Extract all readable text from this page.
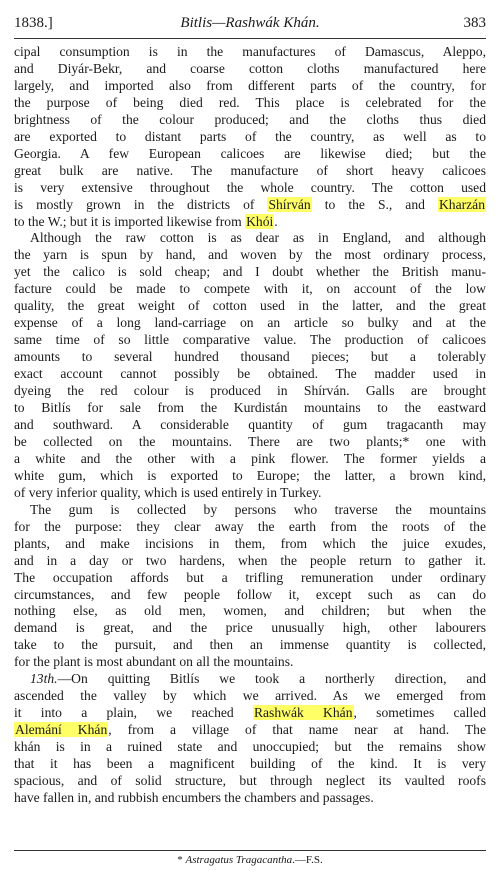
1838.]	Bitlis—Rashwák Khán.	383
cipal consumption is in the manufactures of Damascus, Aleppo,
and Diyár-Bekr, and coarse cotton cloths manufactured here
largely, and imported also from different parts of the country, for
the purpose of being died red. This place is celebrated for the
brightness of the colour produced; and the cloths thus died
are exported to distant parts of the country, as well as to
Georgia. A few European calicoes are likewise died; but the
great bulk are native. The manufacture of short heavy calicoes
is very extensive throughout the whole country. The cotton used
is mostly grown in the districts of Shírván to the S., and Kharzán
to the W.; but it is imported likewise from Khói.
Although the raw cotton is as dear as in England, and although
the yarn is spun by hand, and woven by the most ordinary process,
yet the calico is sold cheap; and I doubt whether the British manu-
facture could be made to compete with it, on account of the low
quality, the great weight of cotton used in the latter, and the great
expense of a long land-carriage on an article so bulky and at the
same time of so little comparative value. The production of calicoes
amounts to several hundred thousand pieces; but a tolerably
exact account cannot possibly be obtained. The madder used in
dyeing the red colour is produced in Shírván. Galls are brought
to Bitlís for sale from the Kurdistán mountains to the eastward
and southward. A considerable quantity of gum tragacanth may
be collected on the mountains. There are two plants;* one with
a white and the other with a pink flower. The former yields a
white gum, which is exported to Europe; the latter, a brown kind,
of very inferior quality, which is used entirely in Turkey.
The gum is collected by persons who traverse the mountains
for the purpose: they clear away the earth from the roots of the
plants, and make incisions in them, from which the juice exudes,
and in a day or two hardens, when the people return to gather it.
The occupation affords but a trifling remuneration under ordinary
circumstances, and few people follow it, except such as can do
nothing else, as old men, women, and children; but when the
demand is great, and the price unusually high, other labourers
take to the pursuit, and then an immense quantity is collected,
for the plant is most abundant on all the mountains.
13th.—On quitting Bitlís we took a northerly direction, and
ascended the valley by which we arrived. As we emerged from
it into a plain, we reached Rashwák Khán, sometimes called
Alemání Khán, from a village of that name near at hand. The
khán is in a ruined state and unoccupied; but the remains show
that it has been a magnificent building of the kind. It is very
spacious, and of solid structure, but through neglect its vaulted roofs
have fallen in, and rubbish encumbers the chambers and passages.
* Astragatus Tragacantha.—F.S.
